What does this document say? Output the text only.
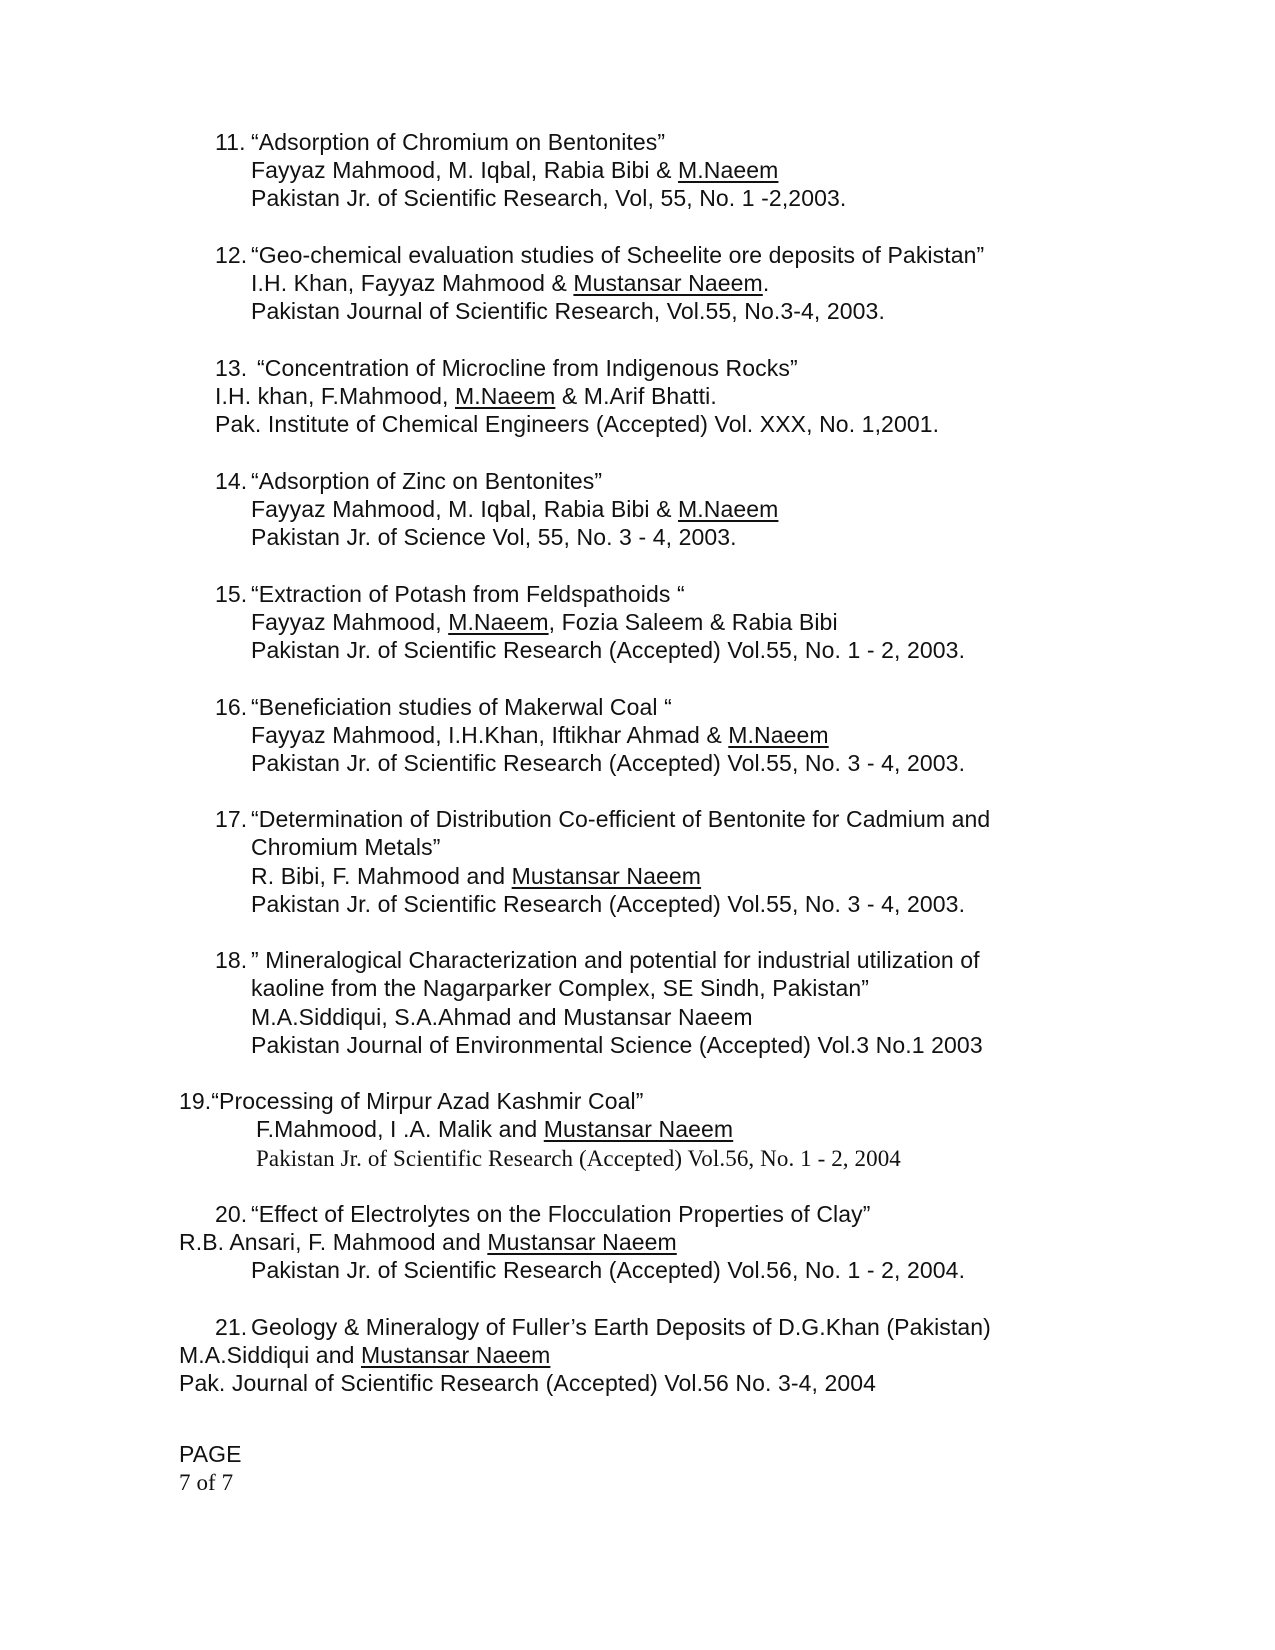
11. “Adsorption of Chromium on Bentonites”
Fayyaz Mahmood, M. Iqbal, Rabia Bibi & M.Naeem
Pakistan Jr. of Scientific Research, Vol, 55, No. 1 -2,2003.
12. “Geo-chemical evaluation studies of Scheelite ore deposits of Pakistan”
I.H. Khan, Fayyaz Mahmood & Mustansar Naeem.
Pakistan Journal of Scientific Research, Vol.55, No.3-4, 2003.
13. “Concentration of Microcline from Indigenous Rocks”
I.H. khan, F.Mahmood, M.Naeem & M.Arif Bhatti.
Pak. Institute of Chemical Engineers (Accepted) Vol. XXX, No. 1,2001.
14. “Adsorption of Zinc on Bentonites”
Fayyaz Mahmood, M. Iqbal, Rabia Bibi & M.Naeem
Pakistan Jr. of Science Vol, 55, No. 3 - 4, 2003.
15. “Extraction of Potash from Feldspathoids “
Fayyaz Mahmood, M.Naeem, Fozia Saleem & Rabia Bibi
Pakistan Jr. of Scientific Research (Accepted) Vol.55, No. 1 - 2, 2003.
16. “Beneficiation studies of Makerwal Coal “
Fayyaz Mahmood, I.H.Khan, Iftikhar Ahmad & M.Naeem
Pakistan Jr. of Scientific Research (Accepted) Vol.55, No. 3 - 4, 2003.
17. “Determination of Distribution Co-efficient of Bentonite for Cadmium and
Chromium Metals”
R. Bibi, F. Mahmood and Mustansar Naeem
Pakistan Jr. of Scientific Research (Accepted) Vol.55, No. 3 - 4, 2003.
18. ” Mineralogical Characterization and potential for industrial utilization of
kaoline from the Nagarparker Complex, SE Sindh, Pakistan”
M.A.Siddiqui, S.A.Ahmad and Mustansar Naeem
Pakistan Journal of Environmental Science (Accepted) Vol.3 No.1 2003
19.“Processing of Mirpur Azad Kashmir Coal”
F.Mahmood, I .A. Malik and Mustansar Naeem
Pakistan Jr. of Scientific Research (Accepted) Vol.56, No. 1 - 2, 2004
20. “Effect of Electrolytes on the Flocculation Properties of Clay”
R.B. Ansari, F. Mahmood and Mustansar Naeem
Pakistan Jr. of Scientific Research (Accepted) Vol.56, No. 1 - 2, 2004.
21. Geology & Mineralogy of Fuller’s Earth Deposits of D.G.Khan (Pakistan)
M.A.Siddiqui and Mustansar Naeem
Pak. Journal of Scientific Research (Accepted) Vol.56 No. 3-4, 2004
PAGE
7 of 7
